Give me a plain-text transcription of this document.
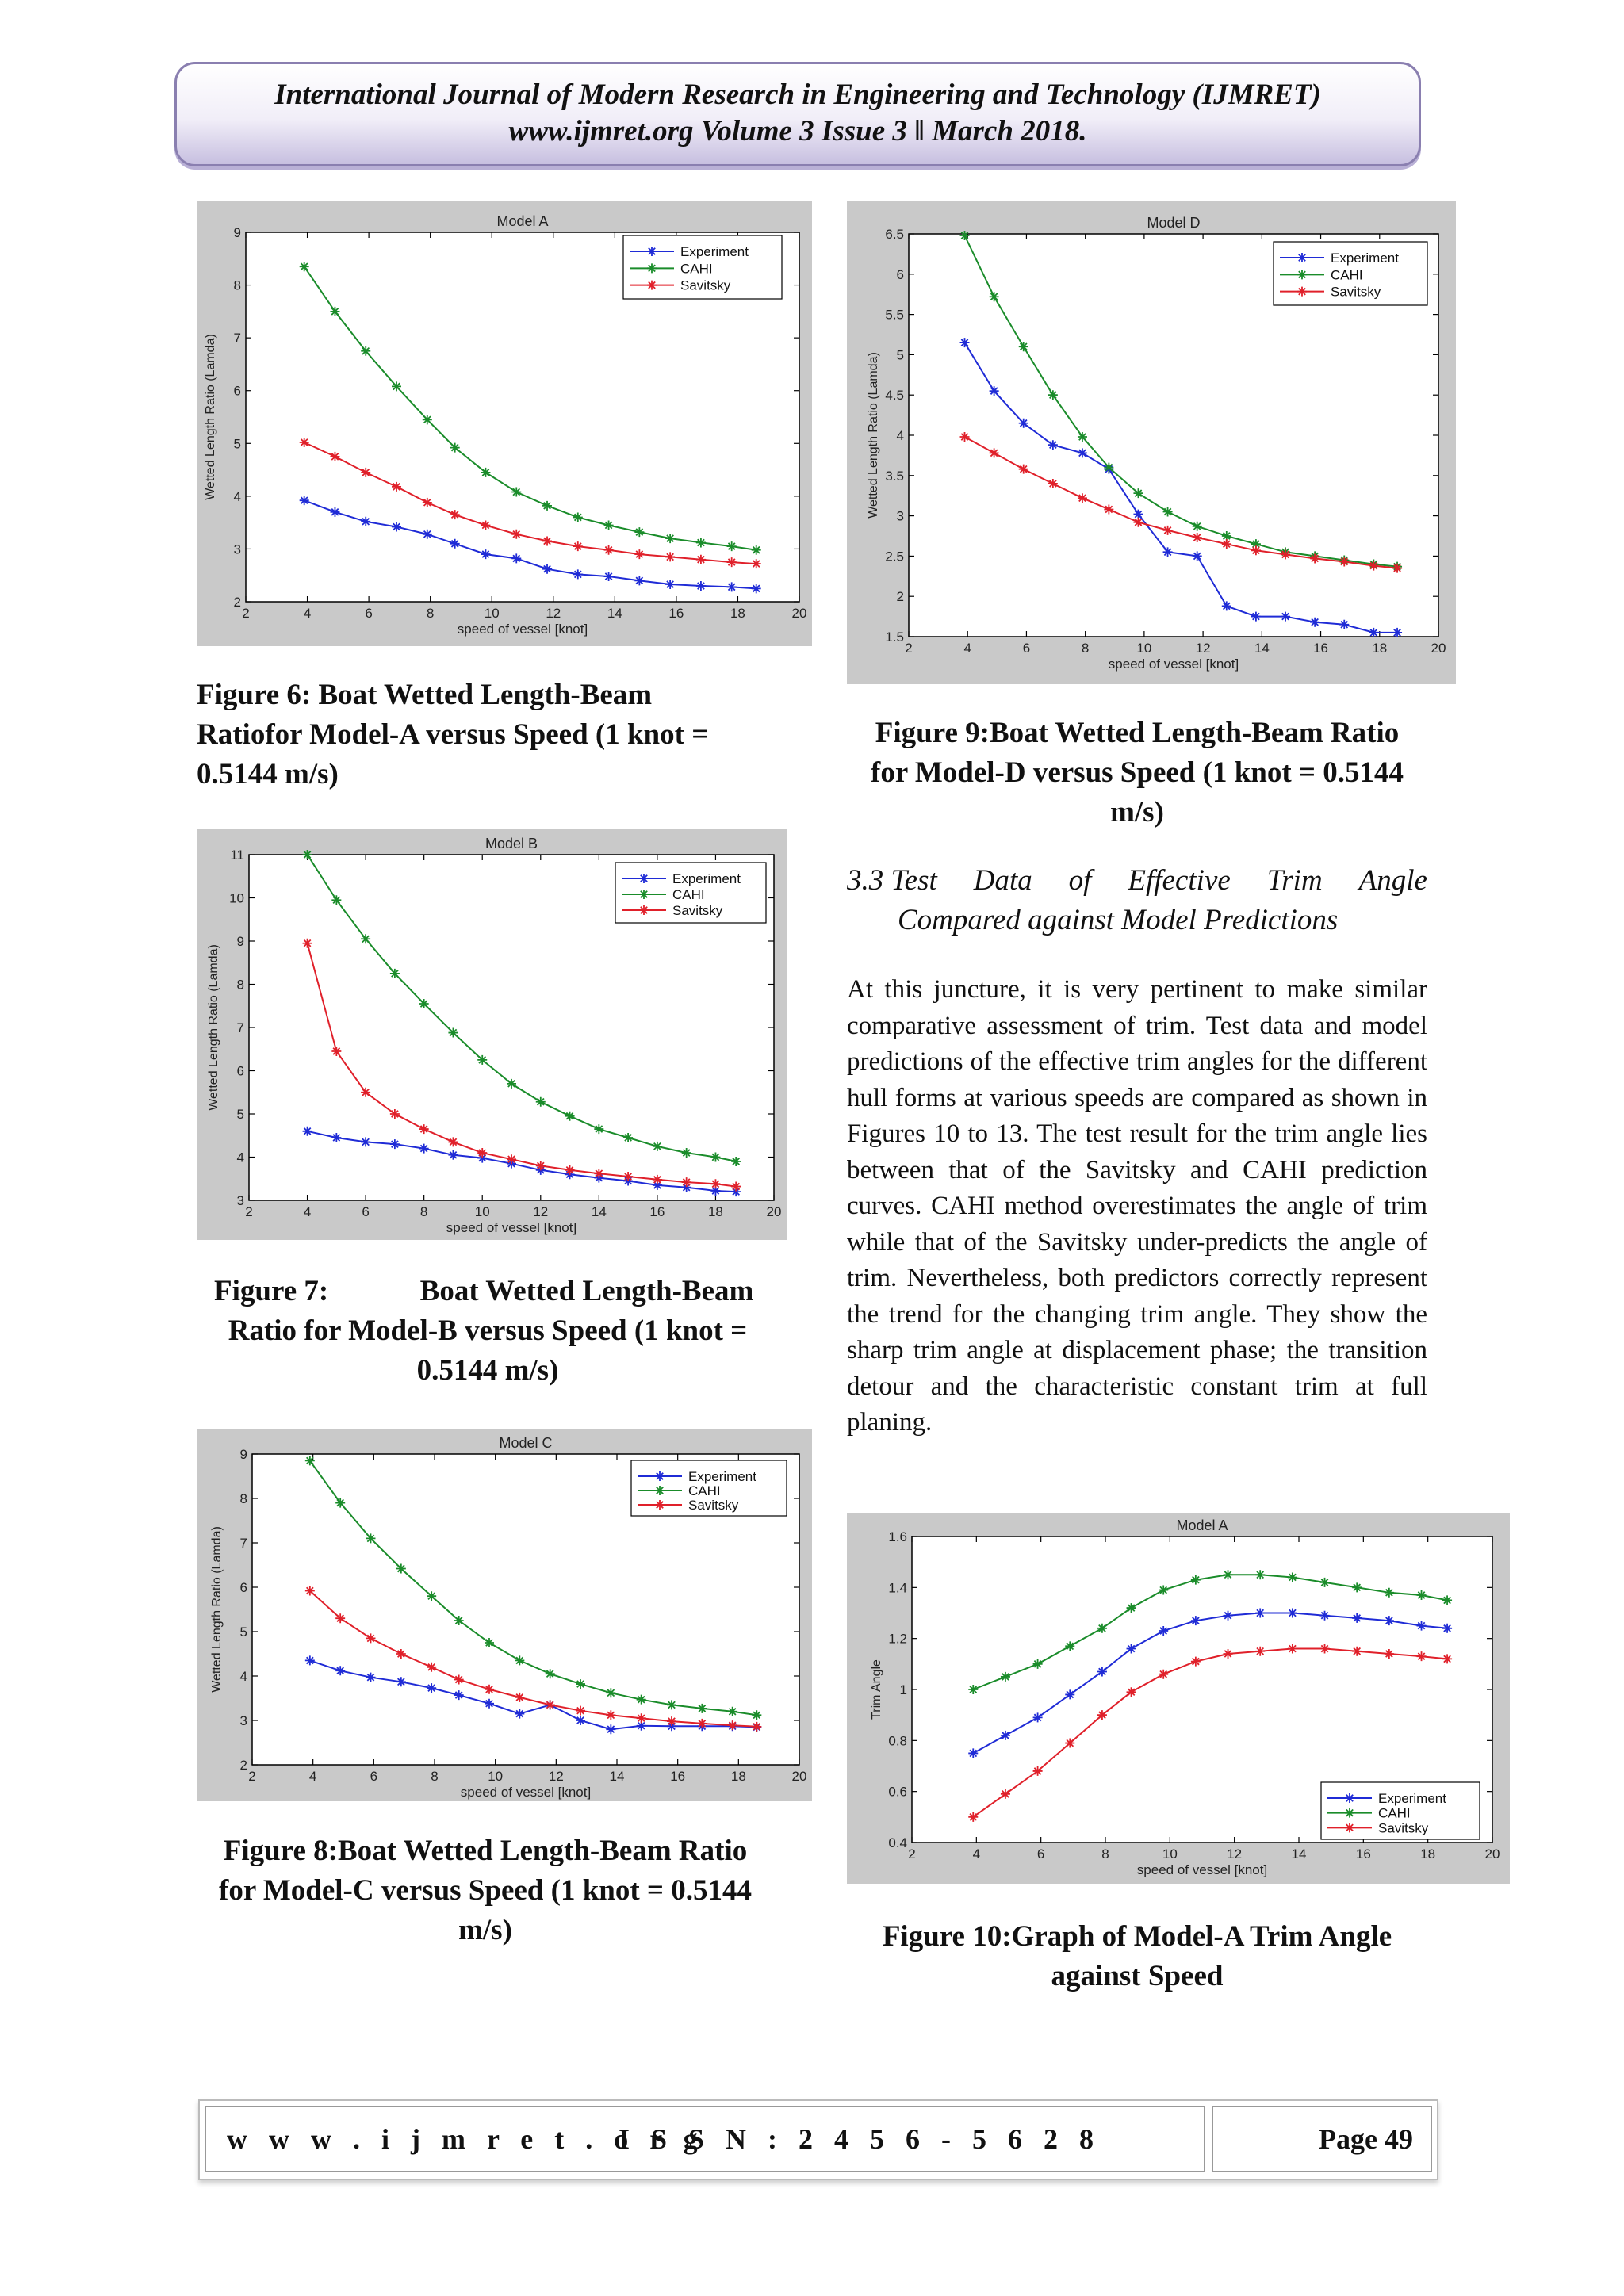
International Journal of Modern Research in Engineering and Technology (IJMRET)
www.ijmret.org Volume 3 Issue 3 ǁ March 2018.
Model A
2	4	6	8	10	12	14	16	18	20
2
3
4
5
6
7
8
9
speed of vessel [knot]
Wetted Length Ratio (Lamda)
Experiment
CAHI
Savitsky
Model B
2	4	6	8	10	12	14	16	18	20
3
4
5
6
7
8
9
10
11
speed of vessel [knot]
Wetted Length Ratio (Lamda)
Experiment
CAHI
Savitsky
Model C
2	4	6	8	10	12	14	16	18	20
2
3
4
5
6
7
8
9
speed of vessel [knot]
Wetted Length Ratio (Lamda)
Experiment
CAHI
Savitsky
Model D
2	4	6	8	10	12	14	16	18	20
1.5
2
2.5
3
3.5
4
4.5
5
5.5
6
6.5
speed of vessel [knot]
Wetted Length Ratio (Lamda)
Experiment
CAHI
Savitsky
Model A
2	4	6	8	10	12	14	16	18	20
0.4
0.6
0.8
1
1.2
1.4
1.6
speed of vessel [knot]
Trim Angle
Experiment
CAHI
Savitsky
Figure 6: Boat Wetted Length-Beam Ratiofor Model-A versus Speed (1 knot = 0.5144 m/s)
Figure 7:	Boat Wetted Length-Beam Ratio for Model-B versus Speed (1 knot = 0.5144 m/s)
Figure 8:Boat Wetted Length-Beam Ratio for Model-C versus Speed (1 knot = 0.5144 m/s)
Figure 9:Boat Wetted Length-Beam Ratio for Model-D versus Speed (1 knot = 0.5144 m/s)
Figure 10:Graph of Model-A Trim Angle against Speed
3.3 Test Data of Effective Trim Angle
Compared against Model Predictions
At this juncture, it is very pertinent to make similar comparative assessment of trim. Test data and model predictions of the effective trim angles for the different hull forms at various speeds are compared as shown in Figures 10 to 13. The test result for the trim angle lies between that of the Savitsky and CAHI prediction curves. CAHI method overestimates the angle of trim while that of the Savitsky under-predicts the angle of trim. Nevertheless, both predictors correctly represent the trend for the changing trim angle. They show the sharp trim angle at displacement phase; the transition detour and the characteristic constant trim at full planing.
w w w . i j m r e t . o r g
I S S N : 2 4 5 6 - 5 6 2 8	Page 49
